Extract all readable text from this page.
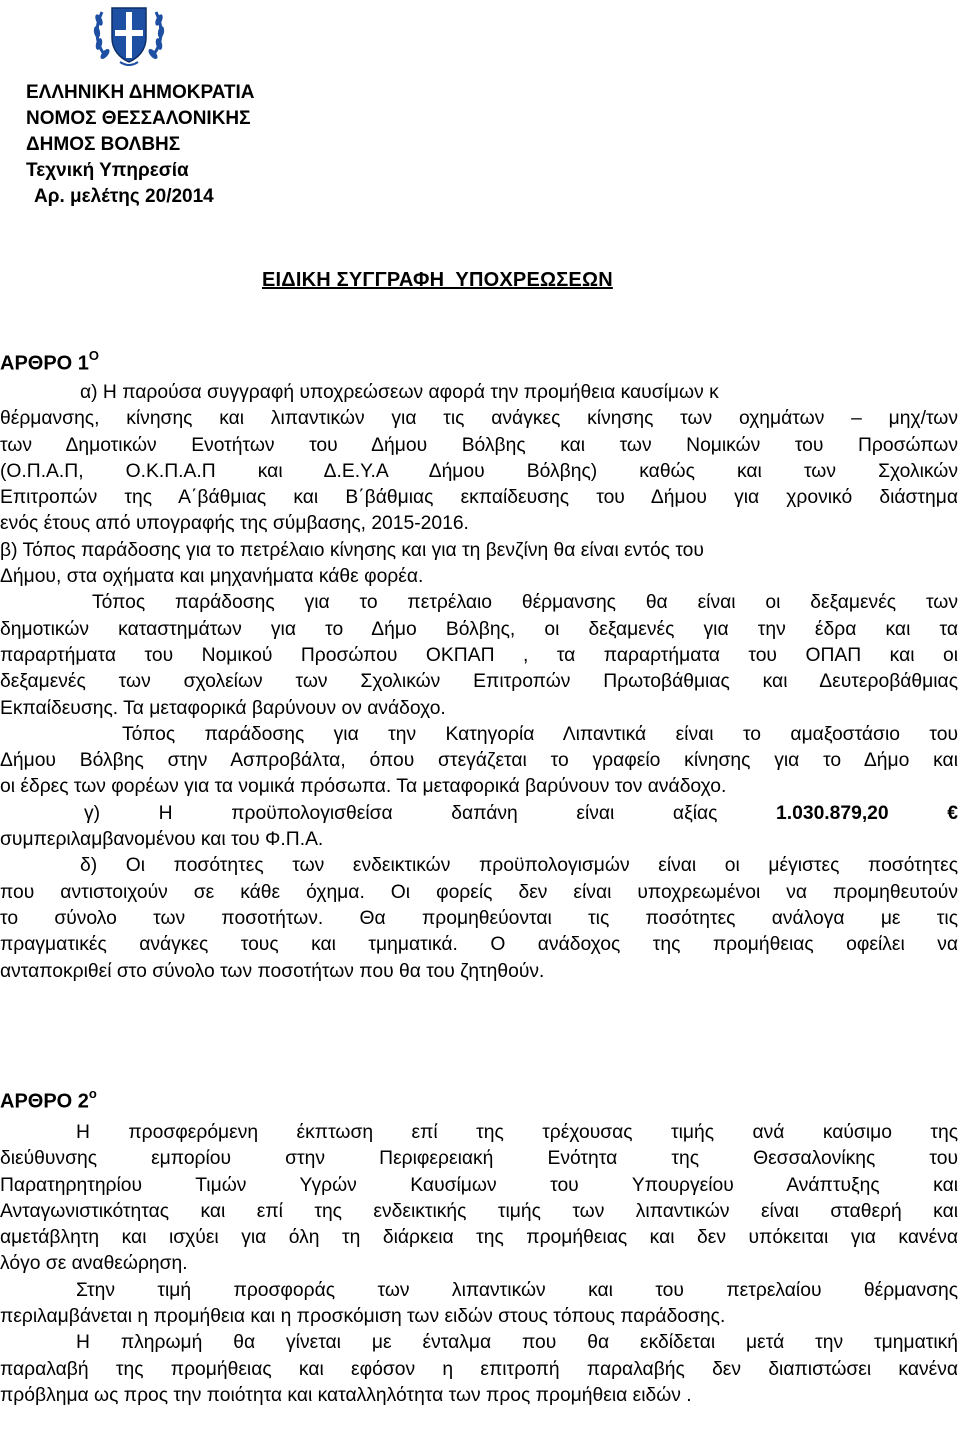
ΕΛΛΗΝΙΚΗ ΔΗΜΟΚΡΑΤΙΑ
ΝΟΜΟΣ ΘΕΣΣΑΛΟΝΙΚΗΣ
ΔΗΜΟΣ ΒΟΛΒΗΣ
Τεχνική Υπηρεσία
Αρ. μελέτης 20/2014
ΕΙΔΙΚΗ ΣΥΓΓΡΑΦΗ  ΥΠΟΧΡΕΩΣΕΩΝ
ΑΡΘΡΟ $1^O$

α) Η παρούσα συγγραφή υποχρεώσεων αφορά την προμήθεια καυσίμων κ

θέρμανσης, κίνησης και λιπαντικών για τις ανάγκες κίνησης των οχημάτων – μηχ/των

των Δημοτικών Ενοτήτων του Δήμου Βόλβης και των Νομικών του Προσώπων

(Ο.Π.Α.Π, Ο.Κ.Π.Α.Π και Δ.Ε.Υ.Α Δήμου Βόλβης) καθώς και των Σχολικών

Επιτροπών της Α΄βάθμιας και Β΄βάθμιας εκπαίδευσης του Δήμου για χρονικό διάστημα

ενός έτους από υπογραφής της σύμβασης, 2015-2016.

β) Τόπος παράδοσης για το πετρέλαιο κίνησης και για τη βενζίνη θα είναι εντός του

Δήμου, στα οχήματα και μηχανήματα κάθε φορέα.

Τόπος παράδοσης για το πετρέλαιο θέρμανσης θα είναι οι δεξαμενές των

δημοτικών καταστημάτων για το Δήμο Βόλβης, οι δεξαμενές για την έδρα και τα

παραρτήματα του Νομικού Προσώπου ΟΚΠΑΠ , τα παραρτήματα του ΟΠΑΠ και οι

δεξαμενές των σχολείων των Σχολικών Επιτροπών Πρωτοβάθμιας και Δευτεροβάθμιας

Εκπαίδευσης. Τα μεταφορικά βαρύνουν ον ανάδοχο.

Τόπος παράδοσης για την Κατηγορία Λιπαντικά είναι το αμαξοστάσιο του

Δήμου Βόλβης στην Ασπροβάλτα, όπου στεγάζεται το γραφείο κίνησης για το Δήμο και

οι έδρες των φορέων για τα νομικά πρόσωπα. Τα μεταφορικά βαρύνουν τον ανάδοχο.

γ) Η προϋπολογισθείσα δαπάνη είναι αξίας	1.030.879,20	€

συμπεριλαμβανομένου και του Φ.Π.Α.

δ) Οι ποσότητες των ενδεικτικών προϋπολογισμών είναι οι μέγιστες ποσότητες

που αντιστοιχούν σε κάθε όχημα. Οι φορείς δεν είναι υποχρεωμένοι να προμηθευτούν

το σύνολο των ποσοτήτων. Θα προμηθεύονται τις ποσότητες ανάλογα με τις

πραγματικές ανάγκες τους και τμηματικά. Ο ανάδοχος της προμήθειας οφείλει να

ανταποκριθεί στο σύνολο των ποσοτήτων που θα του ζητηθούν.

ΑΡΘΡΟ $2^o$

Η προσφερόμενη έκπτωση επί της τρέχουσας τιμής ανά καύσιμο της

διεύθυνσης εμπορίου στην Περιφερειακή Ενότητα της Θεσσαλονίκης του

Παρατηρητηρίου Τιμών Υγρών Καυσίμων του Υπουργείου Ανάπτυξης και

Ανταγωνιστικότητας και επί της ενδεικτικής τιμής των λιπαντικών είναι σταθερή και

αμετάβλητη και ισχύει για όλη τη διάρκεια της προμήθειας και δεν υπόκειται για κανένα

λόγο σε αναθεώρηση.

Στην τιμή προσφοράς των λιπαντικών και του πετρελαίου θέρμανσης

περιλαμβάνεται η προμήθεια και η προσκόμιση των ειδών στους τόπους παράδοσης.

Η πληρωμή θα γίνεται με ένταλμα που θα εκδίδεται μετά την τμηματική

παραλαβή της προμήθειας και εφόσον η επιτροπή παραλαβής δεν διαπιστώσει κανένα

πρόβλημα ως προς την ποιότητα και καταλληλότητα των προς προμήθεια ειδών .
